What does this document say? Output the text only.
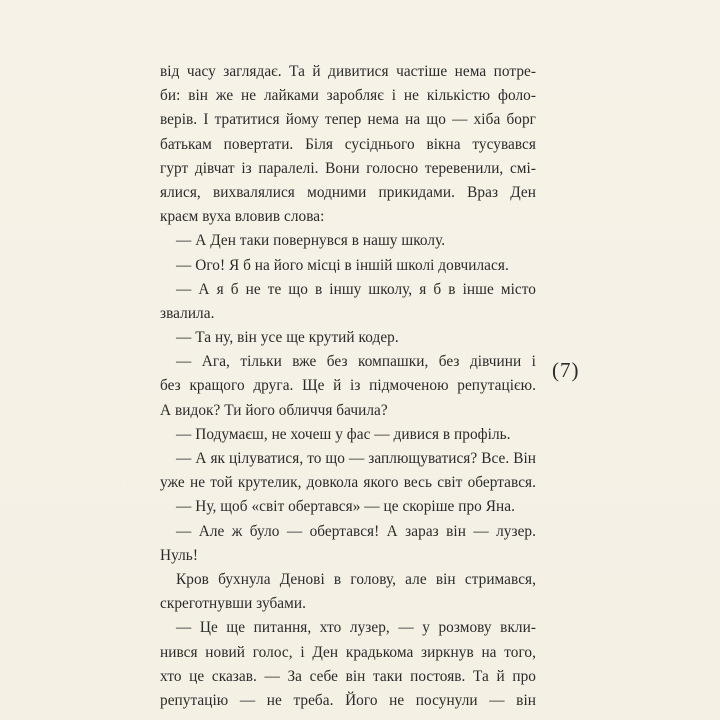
від часу заглядає. Та й дивитися частіше нема потре-
би: він же не лайками заробляє і не кількістю фоло-
верів. І тратитися йому тепер нема на що — хіба борг
батькам повертати. Біля сусіднього вікна тусувався
гурт дівчат із паралелі. Вони голосно теревенили, смі-
ялися, вихвалялися модними прикидами. Враз Ден
краєм вуха вловив слова:
— А Ден таки повернувся в нашу школу.
— Ого! Я б на його місці в іншій школі довчилася.
— А я б не те що в іншу школу, я б в інше місто
звалила.
— Та ну, він усе ще крутий кодер.
— Ага, тільки вже без компашки, без дівчини і
без кращого друга. Ще й із підмоченою репутацією.
А видок? Ти його обличчя бачила?
— Подумаєш, не хочеш у фас — дивися в профіль.
— А як цілуватися, то що — заплющуватися? Все. Він
уже не той крутелик, довкола якого весь світ обертався.
— Ну, щоб «світ обертався» — це скоріше про Яна.
— Але ж було — обертався! А зараз він — лузер.
Нуль!
Кров бухнула Денові в голову, але він стримався,
скреготнувши зубами.
— Це ще питання, хто лузер, — у розмову вкли-
нився новий голос, і Ден крадькома зиркнув на того,
хто це сказав. — За себе він таки постояв. Та й про
репутацію — не треба. Його не посунули — він
(7)
